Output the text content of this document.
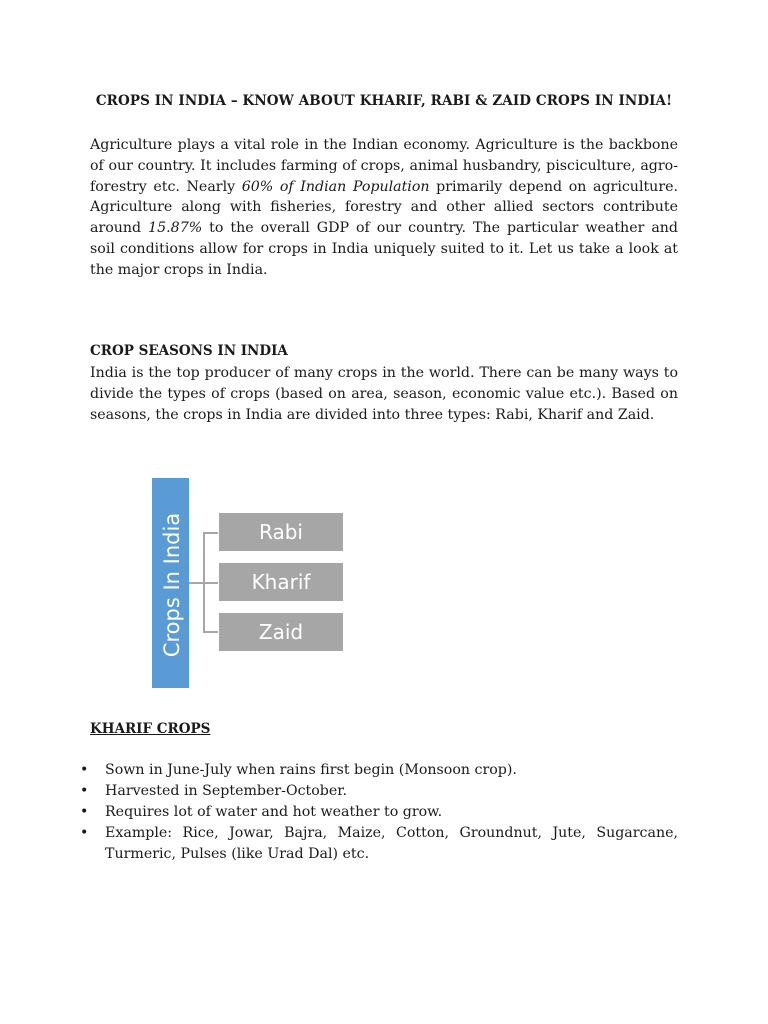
CROPS IN INDIA – KNOW ABOUT KHARIF, RABI & ZAID CROPS IN INDIA!

Agriculture plays a vital role in the Indian economy. Agriculture is the backbone of our country. It includes farming of crops, animal husbandry, pisciculture, agro-forestry etc. Nearly 60% of Indian Population primarily depend on agriculture. Agriculture along with fisheries, forestry and other allied sectors contribute around 15.87% to the overall GDP of our country. The particular weather and soil conditions allow for crops in India uniquely suited to it. Let us take a look at the major crops in India.

CROP SEASONS IN INDIA

India is the top producer of many crops in the world. There can be many ways to divide the types of crops (based on area, season, economic value etc.). Based on seasons, the crops in India are divided into three types: Rabi, Kharif and Zaid.

Crops In India	Rabi
Kharif
Zaid
KHARIF CROPS
• Sown in June-July when rains first begin (Monsoon crop).
• Harvested in September-October.
• Requires lot of water and hot weather to grow.
• Example: Rice, Jowar, Bajra, Maize, Cotton, Groundnut, Jute, Sugarcane, Turmeric, Pulses (like Urad Dal) etc.
